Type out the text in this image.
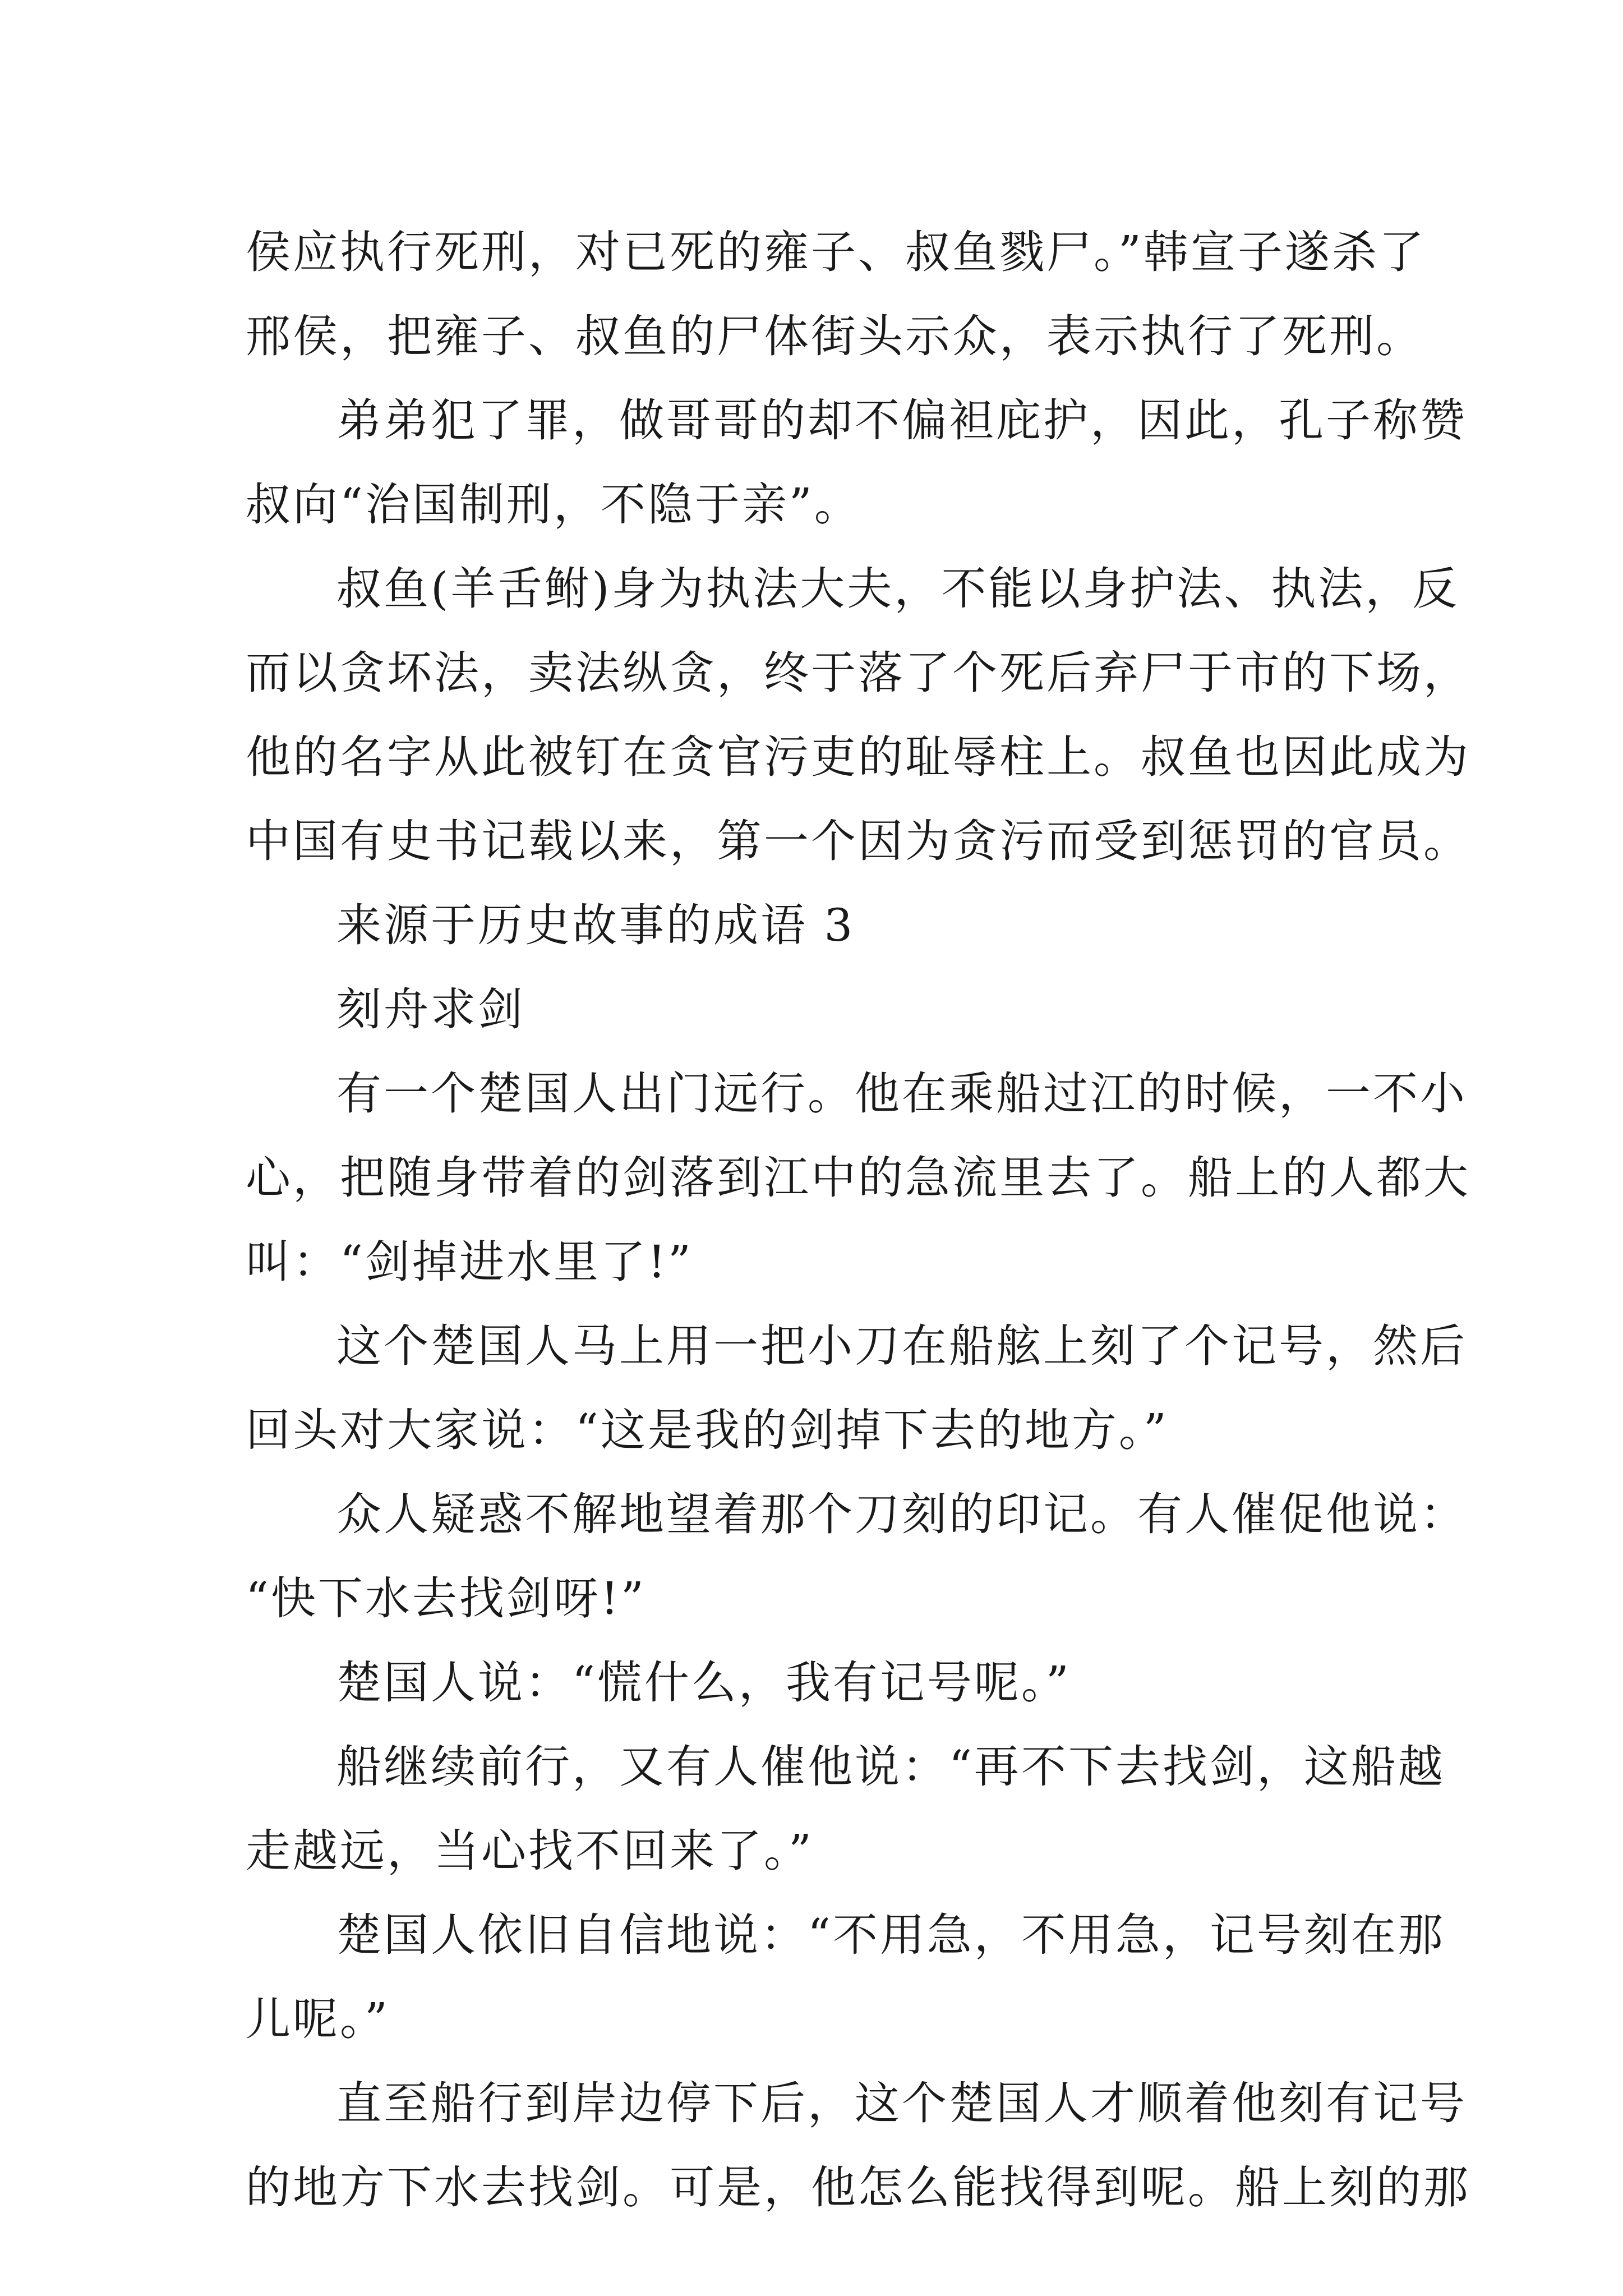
侯应执行死刑，对已死的雍子、叔鱼戮尸。”韩宣子遂杀了
邢侯，把雍子、叔鱼的尸体街头示众，表示执行了死刑。
弟弟犯了罪，做哥哥的却不偏袒庇护，因此，孔子称赞
叔向“治国制刑，不隐于亲”。
叔鱼(羊舌鲋)身为执法大夫，不能以身护法、执法，反
而以贪坏法，卖法纵贪，终于落了个死后弃尸于市的下场，
他的名字从此被钉在贪官污吏的耻辱柱上。叔鱼也因此成为
中国有史书记载以来，第一个因为贪污而受到惩罚的官员。
来源于历史故事的成语 3
刻舟求剑
有一个楚国人出门远行。他在乘船过江的时候，一不小
心，把随身带着的剑落到江中的急流里去了。船上的人都大
叫：“剑掉进水里了!”
这个楚国人马上用一把小刀在船舷上刻了个记号，然后
回头对大家说：“这是我的剑掉下去的地方。”
众人疑惑不解地望着那个刀刻的印记。有人催促他说：
“快下水去找剑呀!”
楚国人说：“慌什么，我有记号呢。”
船继续前行，又有人催他说：“再不下去找剑，这船越
走越远，当心找不回来了。”
楚国人依旧自信地说：“不用急，不用急，记号刻在那
儿呢。”
直至船行到岸边停下后，这个楚国人才顺着他刻有记号
的地方下水去找剑。可是，他怎么能找得到呢。船上刻的那
